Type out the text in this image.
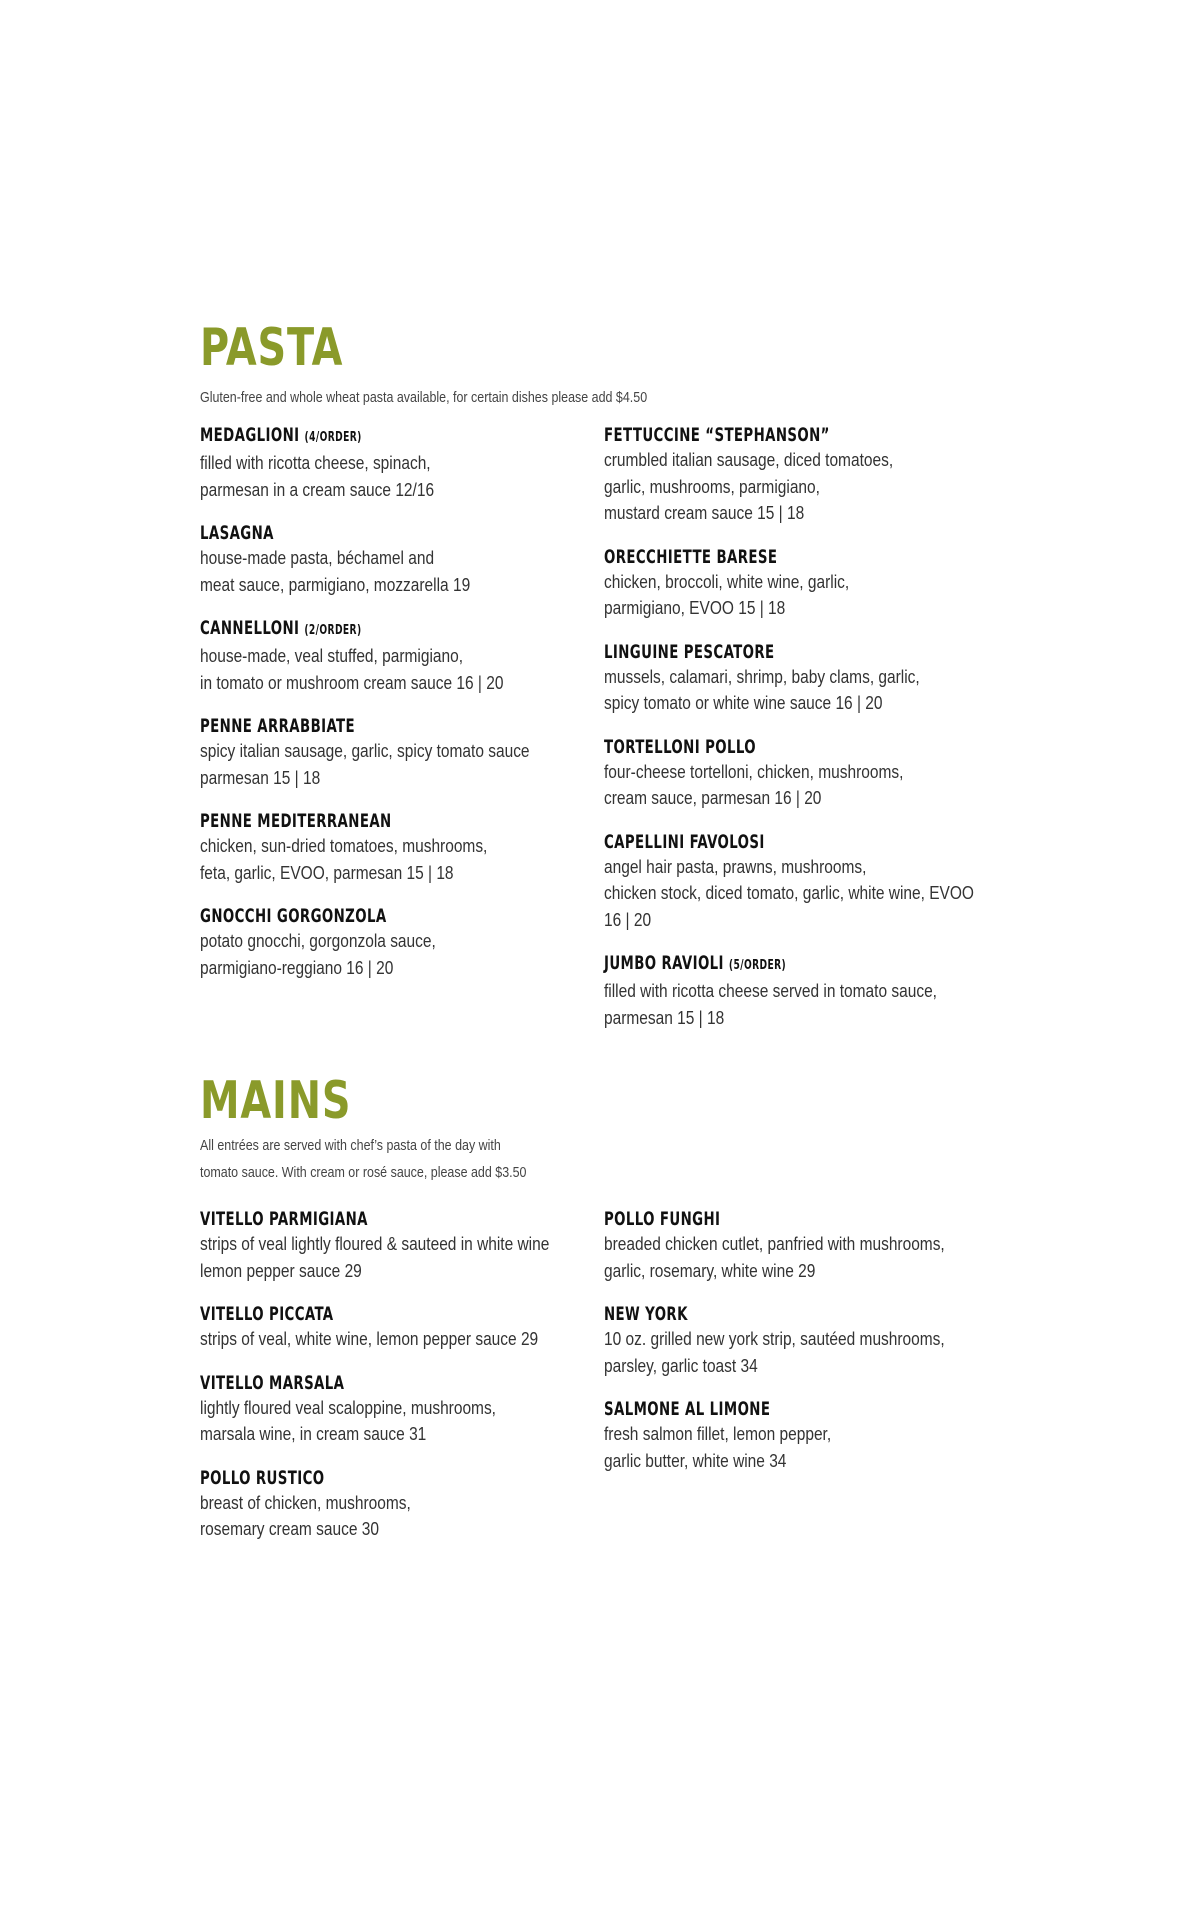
PASTA
Gluten-free and whole wheat pasta available, for certain dishes please add $4.50
MEDAGLIONI (4/ORDER)
filled with ricotta cheese, spinach,
parmesan in a cream sauce 12/16
LASAGNA
house-made pasta, béchamel and
meat sauce, parmigiano, mozzarella 19
CANNELLONI (2/ORDER)
house-made, veal stuffed, parmigiano,
in tomato or mushroom cream sauce 16 | 20
PENNE ARRABBIATE
spicy italian sausage, garlic, spicy tomato sauce
parmesan 15 | 18
PENNE MEDITERRANEAN
chicken, sun-dried tomatoes, mushrooms,
feta, garlic, EVOO, parmesan 15 | 18
GNOCCHI GORGONZOLA
potato gnocchi, gorgonzola sauce,
parmigiano-reggiano 16 | 20
FETTUCCINE “STEPHANSON”
crumbled italian sausage, diced tomatoes,
garlic, mushrooms, parmigiano,
mustard cream sauce 15 | 18
ORECCHIETTE BARESE
chicken, broccoli, white wine, garlic,
parmigiano, EVOO 15 | 18
LINGUINE PESCATORE
mussels, calamari, shrimp, baby clams, garlic,
spicy tomato or white wine sauce 16 | 20
TORTELLONI POLLO
four-cheese tortelloni, chicken, mushrooms,
cream sauce, parmesan 16 | 20
CAPELLINI FAVOLOSI
angel hair pasta, prawns, mushrooms,
chicken stock, diced tomato, garlic, white wine, EVOO
16 | 20
JUMBO RAVIOLI (5/ORDER)
filled with ricotta cheese served in tomato sauce,
parmesan 15 | 18
MAINS
All entrées are served with chef’s pasta of the day with
tomato sauce. With cream or rosé sauce, please add $3.50
VITELLO PARMIGIANA
strips of veal lightly floured & sauteed in white wine
lemon pepper sauce 29
VITELLO PICCATA
strips of veal, white wine, lemon pepper sauce 29
VITELLO MARSALA
lightly floured veal scaloppine, mushrooms,
marsala wine, in cream sauce 31
POLLO RUSTICO
breast of chicken, mushrooms,
rosemary cream sauce 30
POLLO FUNGHI
breaded chicken cutlet, panfried with mushrooms,
garlic, rosemary, white wine 29
NEW YORK
10 oz. grilled new york strip, sautéed mushrooms,
parsley, garlic toast 34
SALMONE AL LIMONE
fresh salmon fillet, lemon pepper,
garlic butter, white wine 34
